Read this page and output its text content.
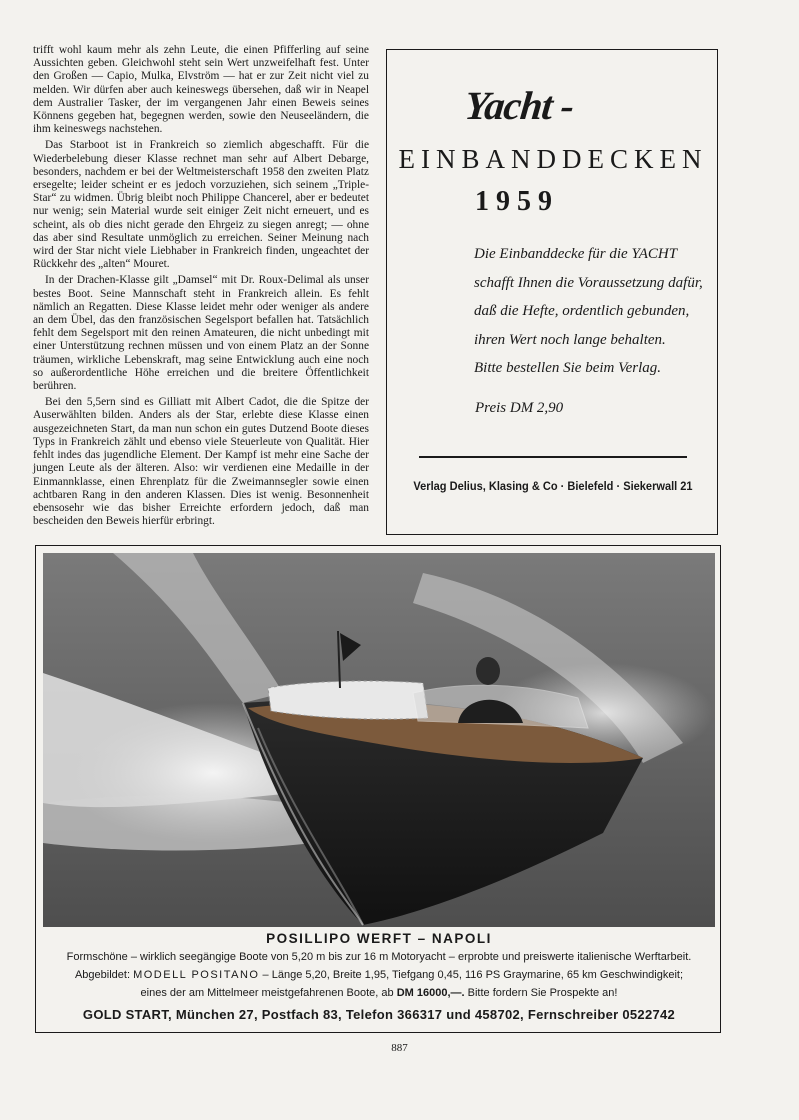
trifft wohl kaum mehr als zehn Leute, die einen Pfifferling auf seine Aussichten geben. Gleichwohl steht sein Wert unzweifelhaft fest. Unter den Großen — Capio, Mulka, Elvström — hat er zur Zeit nicht viel zu melden. Wir dürfen aber auch keineswegs übersehen, daß wir in Neapel dem Australier Tasker, der im vergangenen Jahr einen Beweis seines Könnens gegeben hat, begegnen werden, sowie den Neuseeländern, die ihm keineswegs nachstehen.

Das Starboot ist in Frankreich so ziemlich abgeschafft. Für die Wiederbelebung dieser Klasse rechnet man sehr auf Albert Debarge, besonders, nachdem er bei der Weltmeisterschaft 1958 den zweiten Platz ersegelte; leider scheint er es jedoch vorzuziehen, sich seinem „Triple-Star“ zu widmen. Übrig bleibt noch Philippe Chancerel, aber er bedeutet nur wenig; sein Material wurde seit einiger Zeit nicht erneuert, und es scheint, als ob dies nicht gerade den Ehrgeiz zu siegen anregt; — ohne das aber sind Resultate unmöglich zu erreichen. Seiner Meinung nach wird der Star nicht viele Liebhaber in Frankreich finden, ungeachtet der Rückkehr des „alten“ Mouret.

In der Drachen-Klasse gilt „Damsel“ mit Dr. Roux-Delimal als unser bestes Boot. Seine Mannschaft steht in Frankreich allein. Es fehlt nämlich an Regatten. Diese Klasse leidet mehr oder weniger als andere an dem Übel, das den französischen Segelsport befallen hat. Tatsächlich fehlt dem Segelsport mit den reinen Amateuren, die nicht unbedingt mit einer Unterstützung rechnen müssen und von einem Platz an der Sonne träumen, wirkliche Lebenskraft, mag seine Entwicklung auch eine noch so außerordentliche Höhe erreichen und die breitere Öffentlichkeit berühren.

Bei den 5,5ern sind es Gilliatt mit Albert Cadot, die die Spitze der Auserwählten bilden. Anders als der Star, erlebte diese Klasse einen ausgezeichneten Start, da man nun schon ein gutes Dutzend Boote dieses Typs in Frankreich zählt und ebenso viele Steuerleute von Qualität. Hier fehlt indes das jugendliche Element. Der Kampf ist mehr eine Sache der jungen Leute als der älteren. Also: wir verdienen eine Medaille in der Einmannklasse, einen Ehrenplatz für die Zweimannsegler sowie einen achtbaren Rang in den anderen Klassen. Dies ist wenig. Besonnenheit ebensosehr wie das bisher Erreichte erfordern jedoch, daß man bescheiden den Beweis hierfür erbringt.

Yacht -
EINBANDDECKEN
1959
Die Einbanddecke für die YACHT
schafft Ihnen die Voraussetzung dafür,
daß die Hefte, ordentlich gebunden,
ihren Wert noch lange behalten.
Bitte bestellen Sie beim Verlag.
Preis DM 2,90
Verlag Delius, Klasing & Co · Bielefeld · Siekerwall 21
POSILLIPO WERFT – NAPOLI
Formschöne – wirklich seegängige Boote von 5,20 m bis zur 16 m Motoryacht – erprobte und preiswerte italienische Werftarbeit.
Abgebildet: MODELL POSITANO – Länge 5,20, Breite 1,95, Tiefgang 0,45, 116 PS Graymarine, 65 km Geschwindigkeit;
eines der am Mittelmeer meistgefahrenen Boote, ab DM 16000,—. Bitte fordern Sie Prospekte an!
GOLD START, München 27, Postfach 83, Telefon 366317 und 458702, Fernschreiber 0522742
887
